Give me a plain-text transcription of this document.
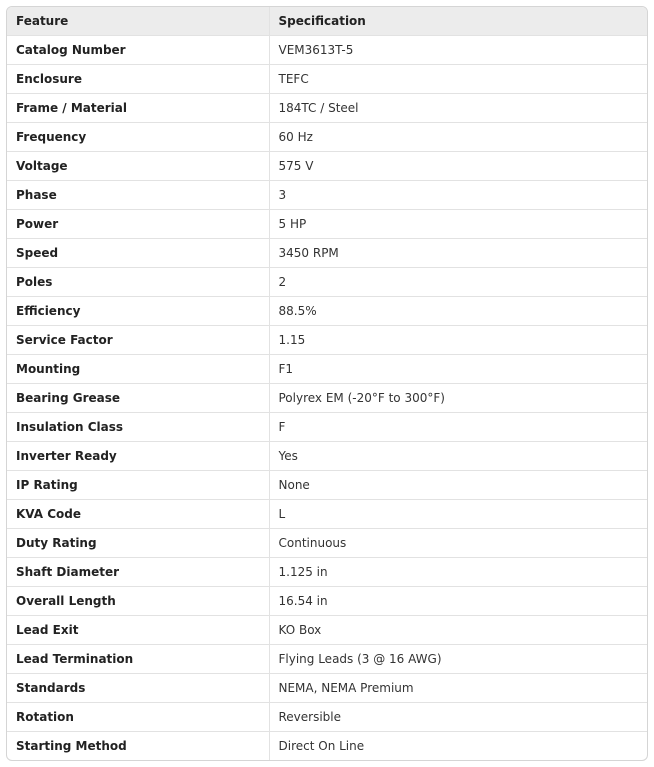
Feature	Specification
Catalog Number	VEM3613T-5
Enclosure	TEFC
Frame / Material	184TC / Steel
Frequency	60 Hz
Voltage	575 V
Phase	3
Power	5 HP
Speed	3450 RPM
Poles	2
Efficiency	88.5%
Service Factor	1.15
Mounting	F1
Bearing Grease	Polyrex EM (-20°F to 300°F)
Insulation Class	F
Inverter Ready	Yes
IP Rating	None
KVA Code	L
Duty Rating	Continuous
Shaft Diameter	1.125 in
Overall Length	16.54 in
Lead Exit	KO Box
Lead Termination	Flying Leads (3 @ 16 AWG)
Standards	NEMA, NEMA Premium
Rotation	Reversible
Starting Method	Direct On Line
